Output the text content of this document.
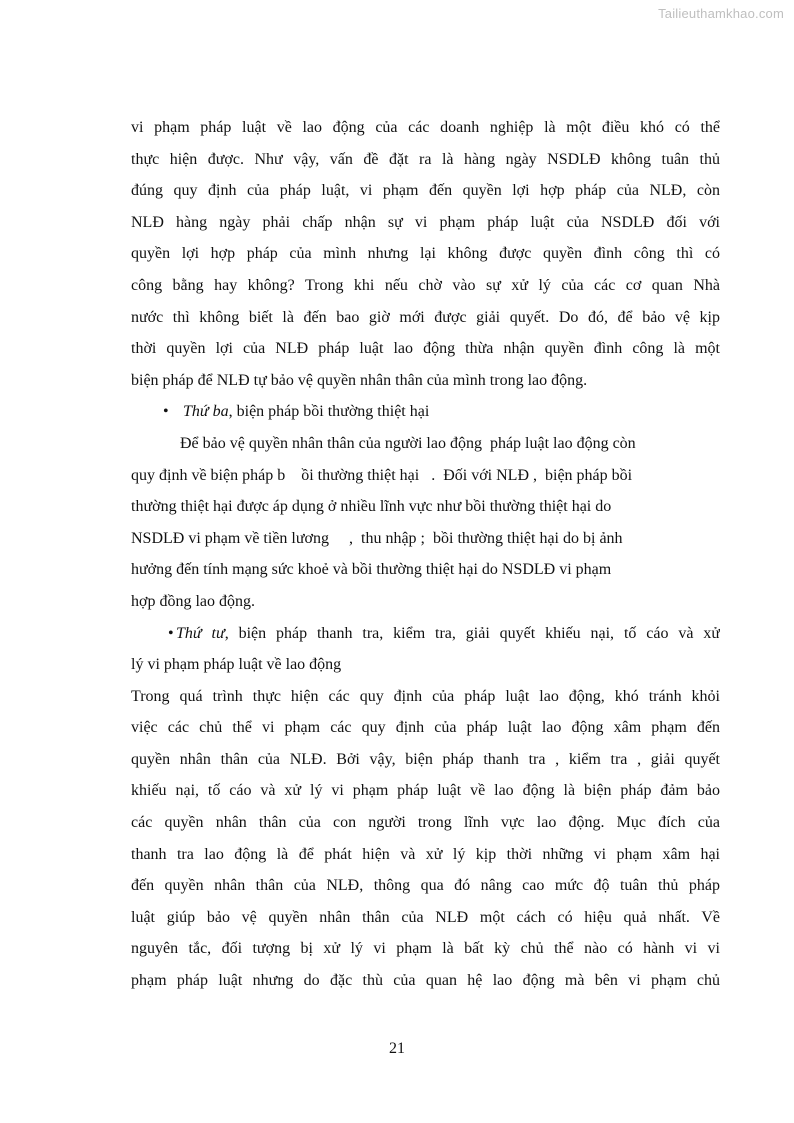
Tailieuthamkhao.com
vi phạm pháp luật về lao động của các doanh nghiệp là một điều khó có thể
thực hiện được. Như vậy, vấn đề đặt ra là hàng ngày NSDLĐ không tuân thủ
đúng quy định của pháp luật, vi phạm đến quyền lợi hợp pháp của NLĐ, còn
NLĐ hàng ngày phải chấp nhận sự vi phạm pháp luật của NSDLĐ đối với
quyền lợi hợp pháp của mình nhưng lại không được quyền đình công thì có
công bằng hay không? Trong khi nếu chờ vào sự xử lý của các cơ quan Nhà
nước thì không biết là đến bao giờ mới được giải quyết. Do đó, để bảo vệ kịp
thời quyền lợi của NLĐ pháp luật lao động thừa nhận quyền đình công là một
biện pháp để NLĐ tự bảo vệ quyền nhân thân của mình trong lao động.
• Thứ ba, biện pháp bồi thường thiệt hại
Để bảo vệ quyền nhân thân của người lao động  pháp luật lao động còn
quy định về biện pháp b    ồi thường thiệt hại   .  Đối với NLĐ ,  biện pháp bồi
thường thiệt hại được áp dụng ở nhiều lĩnh vực như bồi thường thiệt hại do
NSDLĐ vi phạm về tiền lương     ,  thu nhập ;  bồi thường thiệt hại do bị ảnh
hưởng đến tính mạng sức khoẻ và bồi thường thiệt hại do NSDLĐ vi phạm
hợp đồng lao động.
• Thứ tư, biện pháp thanh tra, kiểm tra, giải quyết khiếu nại, tố cáo và xử
lý vi phạm pháp luật về lao động
Trong quá trình thực hiện các quy định của pháp luật lao động, khó tránh khỏi
việc các chủ thể vi phạm các quy định của pháp luật lao động xâm phạm đến
quyền nhân thân của NLĐ. Bởi vậy, biện pháp thanh tra , kiểm tra , giải quyết
khiếu nại, tố cáo và xử lý vi phạm pháp luật về lao động là biện pháp đảm bảo
các quyền nhân thân của con người trong lĩnh vực lao động. Mục đích của
thanh tra lao động là để phát hiện và xử lý kịp thời những vi phạm xâm hại
đến quyền nhân thân của NLĐ, thông qua đó nâng cao mức độ tuân thủ pháp
luật giúp bảo vệ quyền nhân thân của NLĐ một cách có hiệu quả nhất. Về
nguyên tắc, đối tượng bị xử lý vi phạm là bất kỳ chủ thể nào có hành vi vi
phạm pháp luật nhưng do đặc thù của quan hệ lao động mà bên vi phạm chủ
21
